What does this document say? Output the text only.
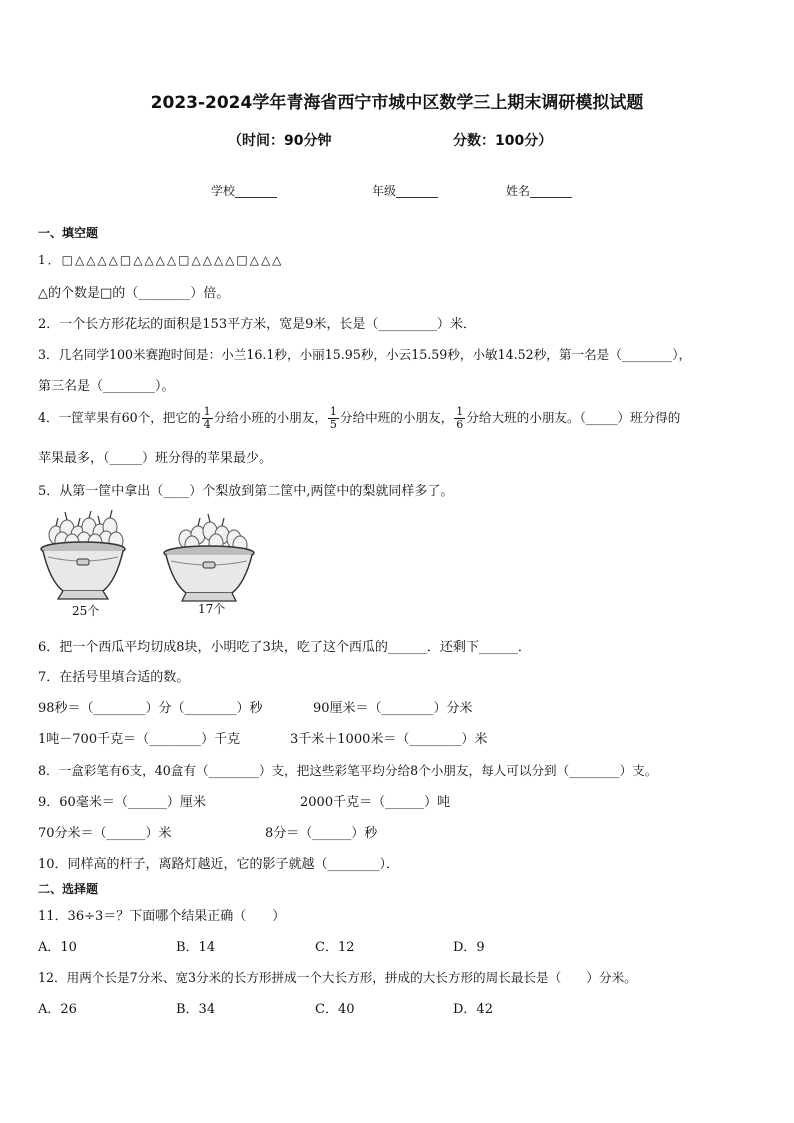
2023-2024学年青海省西宁市城中区数学三上期末调研模拟试题
（时间：90分钟	分数：100分）
学校_______	年级_______	姓名_______
一、填空题
1．□△△△△□△△△△□△△△△□△△△
△的个数是□的（________）倍。
2．一个长方形花坛的面积是153平方米，宽是9米，长是（_________）米．
3．几名同学100米赛跑时间是：小兰16.1秒，小丽15.95秒，小云15.59秒，小敏14.52秒，第一名是（________），
第三名是（________）。
4．一筐苹果有60个，把它的 $\frac{1}{4}$ 分给小班的小朋友， $\frac{1}{5}$ 分给中班的小朋友， $\frac{1}{6}$ 分给大班的小朋友。（_____）班分得的
苹果最多，（_____）班分得的苹果最少。
5．从第一筐中拿出（____）个梨放到第二筐中,两筐中的梨就同样多了。
25个	17个
6．把一个西瓜平均切成8块，小明吃了3块，吃了这个西瓜的______．还剩下______．
7．在括号里填合适的数。
98秒＝（________）分（________）秒	90厘米＝（________）分米
1吨－700千克＝（________）千克	3千米＋1000米＝（________）米
8．一盒彩笔有6支，40盒有（________）支，把这些彩笔平均分给8个小朋友，每人可以分到（________）支。
9．60毫米＝（______）厘米	2000千克＝（______）吨
70分米＝（______）米	8分＝（______）秒
10．同样高的杆子，离路灯越近，它的影子就越（________）．
二、选择题
11．36÷3＝？下面哪个结果正确（　　）
A．10	B．14	C．12	D．9
12．用两个长是7分米、宽3分米的长方形拼成一个大长方形，拼成的大长方形的周长最长是（　　）分米。
A．26	B．34	C．40	D．42
